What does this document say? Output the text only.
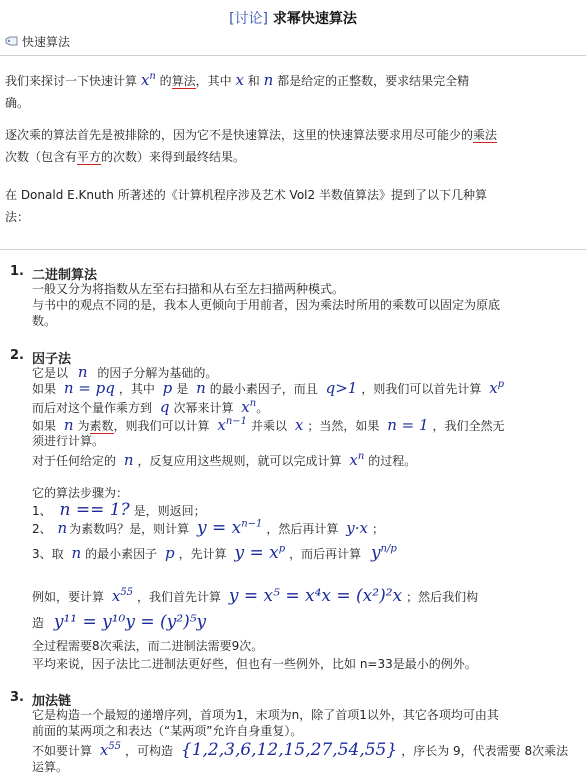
[讨论] 求幂快速算法
快速算法
我们来探讨一下快速计算 $x^n$ 的算法，其中 x 和 n 都是给定的正整数，要求结果完全精
确。
逐次乘的算法首先是被排除的，因为它不是快速算法，这里的快速算法要求用尽可能少的乘法
次数（包含有平方的次数）来得到最终结果。
在 Donald E.Knuth 所著述的《计算机程序涉及艺术 Vol2 半数值算法》提到了以下几种算
法：
1. 二进制算法
一般又分为将指数从左至右扫描和从右至左扫描两种模式。
与书中的观点不同的是，我本人更倾向于用前者，因为乘法时所用的乘数可以固定为原底
数。
2. 因子法
它是以 n 的因子分解为基础的。
如果 n = pq ，其中 p 是 n 的最小素因子，而且 q>1 ，则我们可以首先计算 $x^p$
而后对这个量作乘方到 q 次幂来计算 $x^n$。
如果 n 为素数，则我们可以计算 $x^{n-1}$ 并乘以 x ；当然，如果 n = 1 ，我们全然无
须进行计算。
对于任何给定的 n ，反复应用这些规则，就可以完成计算 $x^n$ 的过程。
它的算法步骤为：
1、 n == 1? 是，则返回；
2、 n 为素数吗？是，则计算 $y = x^{n-1}$ ，然后再计算 y·x ；
3、取 n 的最小素因子 p ，先计算 $y = x^p$ ，而后再计算 $y^{n/p}$
例如，要计算 $x^{55}$ ，我们首先计算 y = x⁵ = x⁴x = (x²)²x ；然后我们构
造 y¹¹ = y¹⁰y = (y²)⁵y
全过程需要8次乘法，而二进制法需要9次。
平均来说，因子法比二进制法更好些，但也有一些例外，比如 n=33是最小的例外。
3. 加法链
它是构造一个最短的递增序列，首项为1，末项为n，除了首项1以外，其它各项均可由其
前面的某两项之和表达（“某两项”允许自身重复）。
不如要计算 $x^{55}$ ，可构造 {1,2,3,6,12,15,27,54,55} ，序长为 9，代表需要 8次乘法
运算。
